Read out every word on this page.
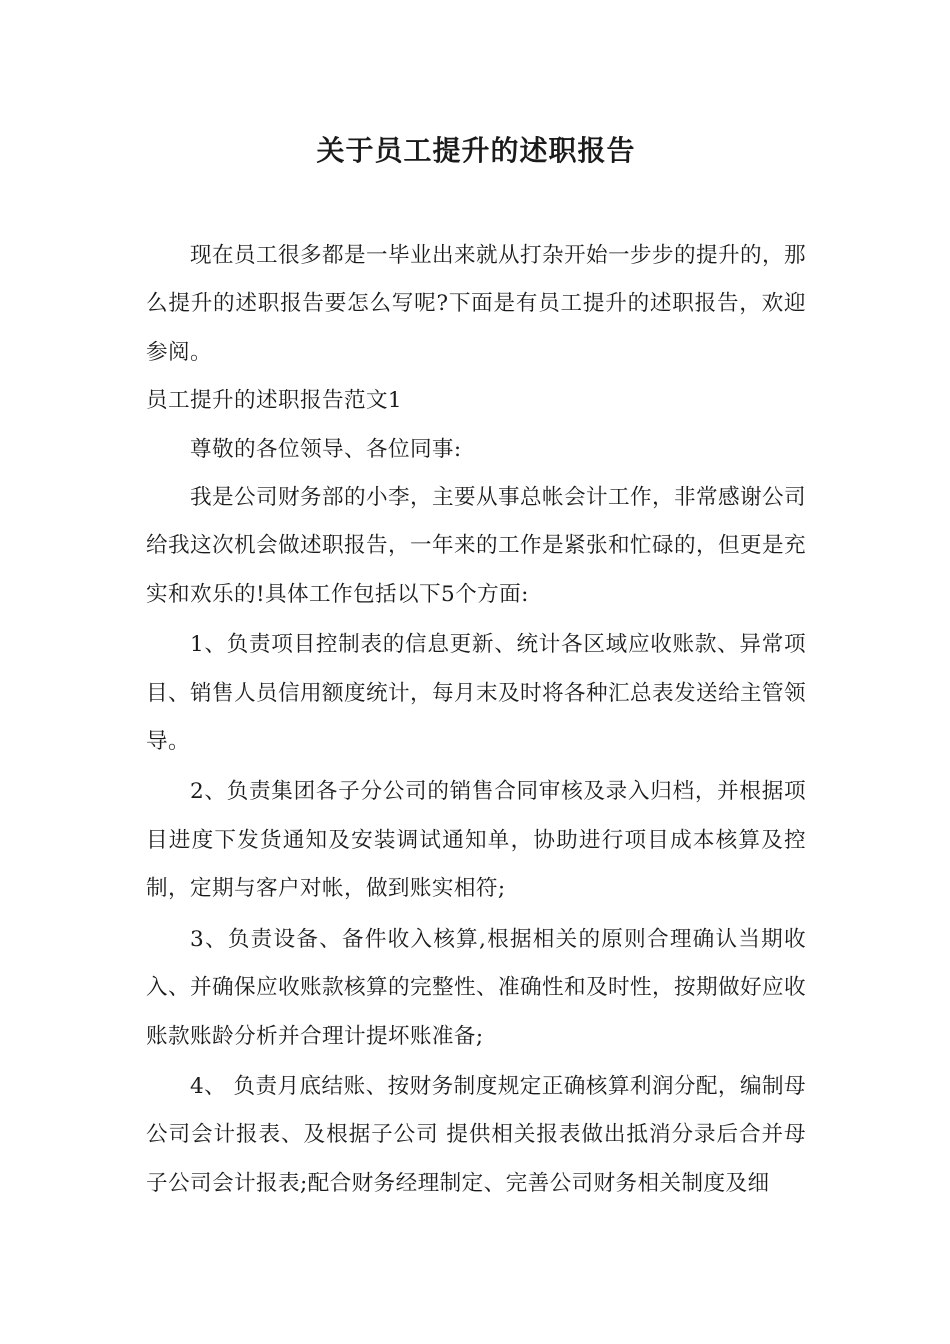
关于员工提升的述职报告

现在员工很多都是一毕业出来就从打杂开始一步步的提升的，那么提升的述职报告要怎么写呢?下面是有员工提升的述职报告，欢迎参阅。

员工提升的述职报告范文1

尊敬的各位领导、各位同事:

我是公司财务部的小李，主要从事总帐会计工作，非常感谢公司给我这次机会做述职报告，一年来的工作是紧张和忙碌的，但更是充实和欢乐的!具体工作包括以下5个方面:

1、负责项目控制表的信息更新、统计各区域应收账款、异常项目、销售人员信用额度统计，每月末及时将各种汇总表发送给主管领导。

2、负责集团各子分公司的销售合同审核及录入归档，并根据项目进度下发货通知及安装调试通知单，协助进行项目成本核算及控制，定期与客户对帐，做到账实相符;

3、负责设备、备件收入核算,根据相关的原则合理确认当期收入、并确保应收账款核算的完整性、准确性和及时性，按期做好应收账款账龄分析并合理计提坏账准备;

4、 负责月底结账、按财务制度规定正确核算利润分配，编制母公司会计报表、及根据子公司 提供相关报表做出抵消分录后合并母子公司会计报表;配合财务经理制定、完善公司财务相关制度及细
